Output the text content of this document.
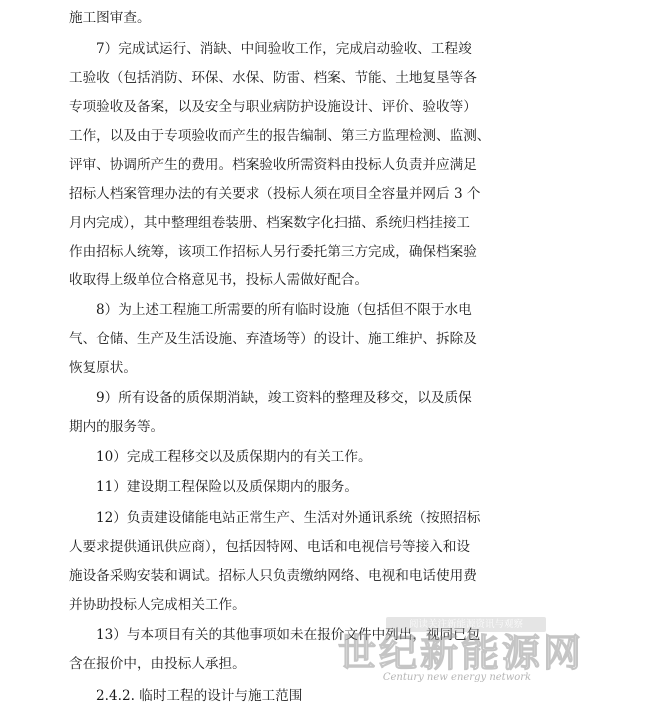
施工图审查。
7）完成试运行、消缺、中间验收工作，完成启动验收、工程竣
工验收（包括消防、环保、水保、防雷、档案、节能、土地复垦等各
专项验收及备案，以及安全与职业病防护设施设计、评价、验收等）
工作，以及由于专项验收而产生的报告编制、第三方监理检测、监测、
评审、协调所产生的费用。档案验收所需资料由投标人负责并应满足
招标人档案管理办法的有关要求（投标人须在项目全容量并网后 3 个
月内完成），其中整理组卷装册、档案数字化扫描、系统归档挂接工
作由招标人统筹，该项工作招标人另行委托第三方完成，确保档案验
收取得上级单位合格意见书，投标人需做好配合。
8）为上述工程施工所需要的所有临时设施（包括但不限于水电
气、仓储、生产及生活设施、弃渣场等）的设计、施工维护、拆除及
恢复原状。
9）所有设备的质保期消缺，竣工资料的整理及移交，以及质保
期内的服务等。
10）完成工程移交以及质保期内的有关工作。
11）建设期工程保险以及质保期内的服务。
12）负责建设储能电站正常生产、生活对外通讯系统（按照招标
人要求提供通讯供应商），包括因特网、电话和电视信号等接入和设
施设备采购安装和调试。招标人只负责缴纳网络、电视和电话使用费
并协助投标人完成相关工作。
13）与本项目有关的其他事项如未在报价文件中列出，视同已包
含在报价中，由投标人承担。
2.4.2. 临时工程的设计与施工范围
阅读关注新能源资讯与观察
世纪新能源网
Century new energy network
